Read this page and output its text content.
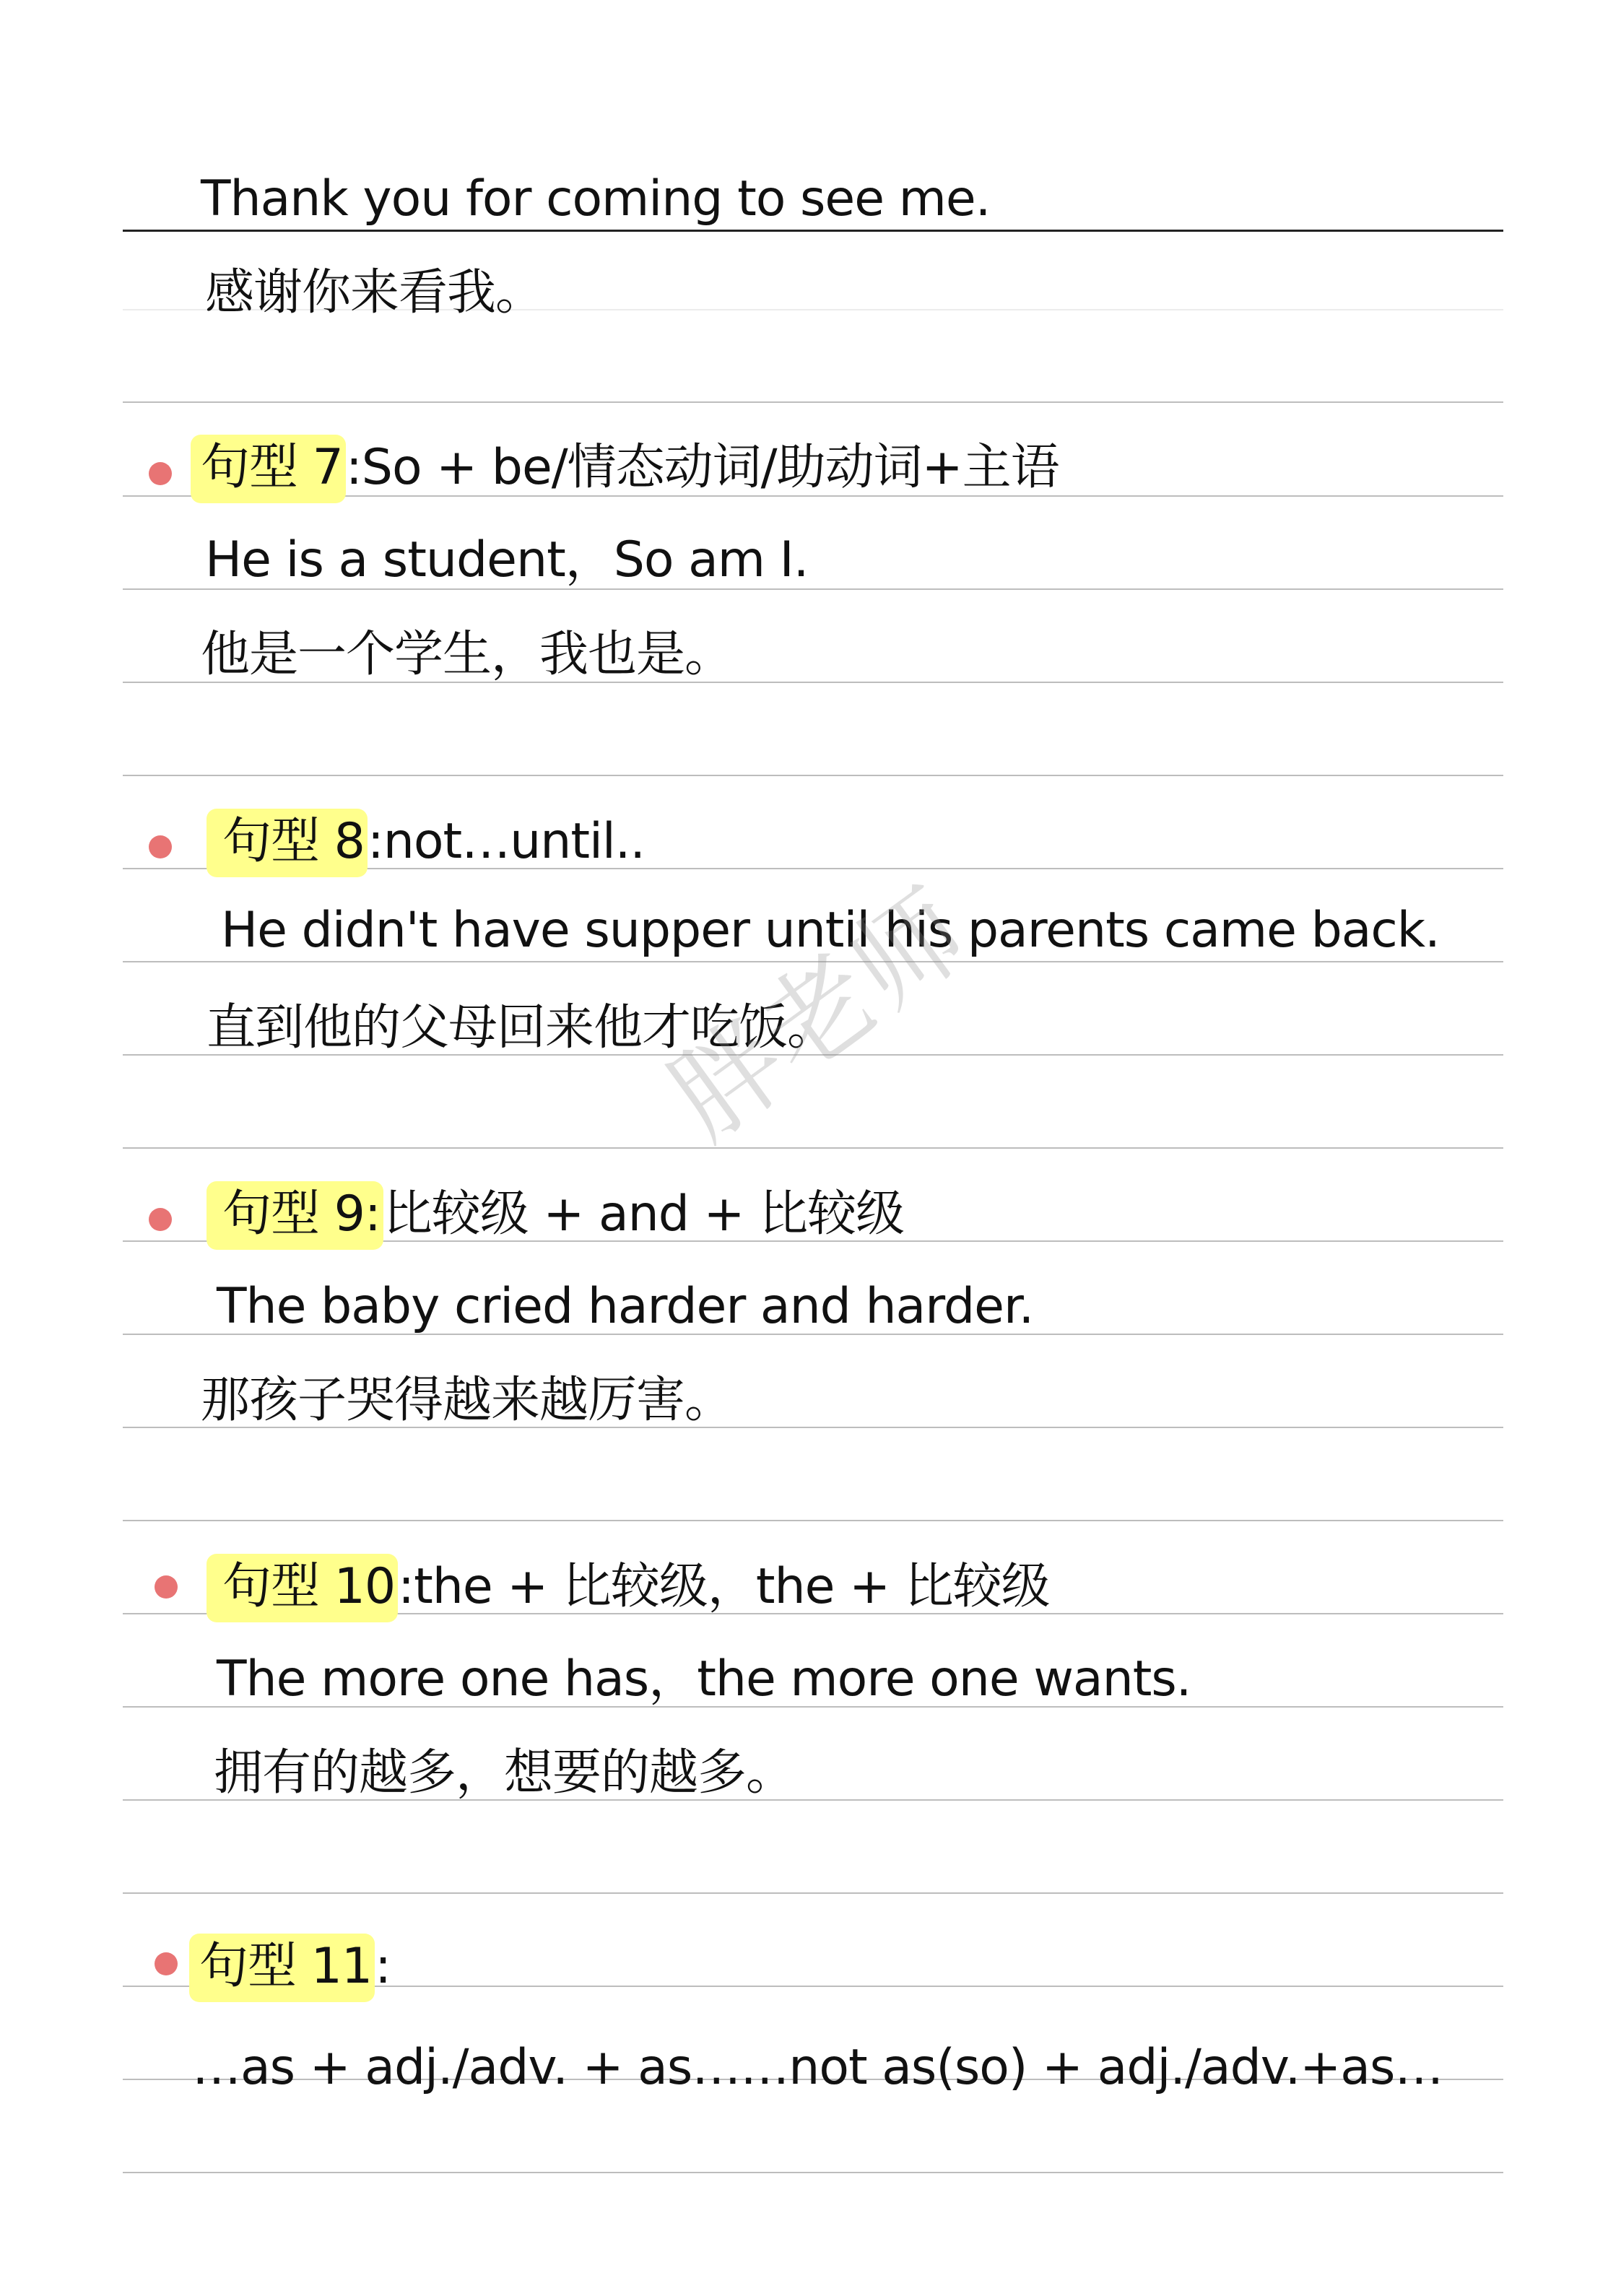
Thank you for coming to see me.
感谢你来看我。
句型 7:So + be/情态动词/助动词+主语
He is a student，So am I.
他是一个学生，我也是。
句型 8:not…until..
He didn't have supper until his parents came back.
直到他的父母回来他才吃饭。
句型 9:比较级 + and + 比较级
The baby cried harder and harder.
那孩子哭得越来越厉害。
句型 10:the + 比较级，the + 比较级
The more one has，the more one wants.
拥有的越多，想要的越多。
句型 11:
…as + adj./adv. + as……not as(so) + adj./adv.+as…
胖老师
